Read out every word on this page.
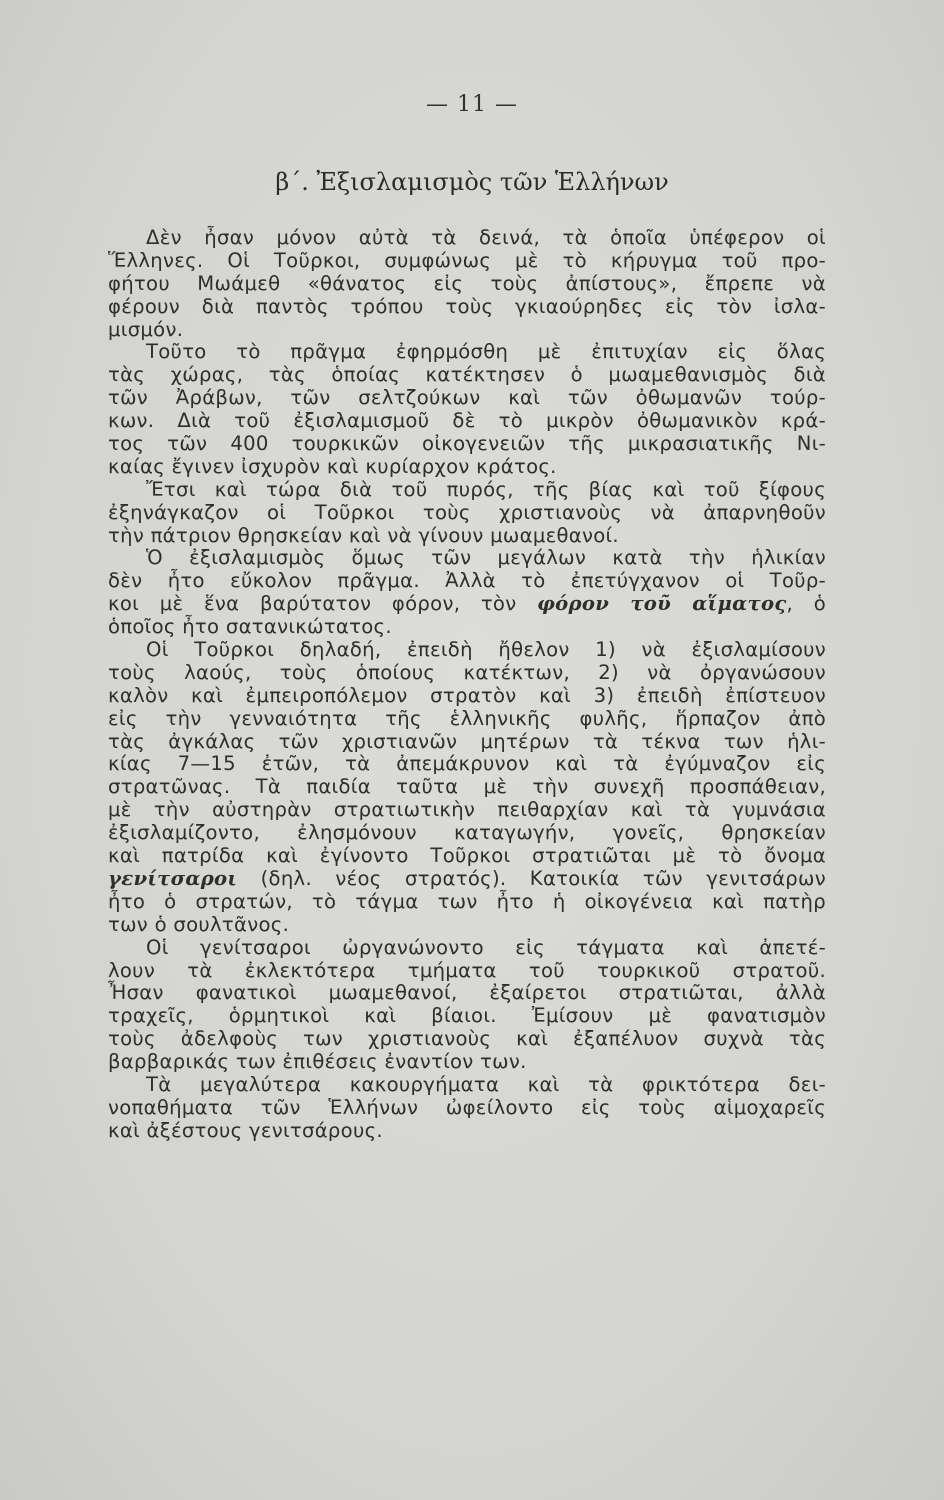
— 11 —
β΄. Ἐξισλαμισμὸς τῶν Ἑλλήνων
Δὲν ἦσαν μόνον αὐτὰ τὰ δεινά, τὰ ὁποῖα ὑπέφερον οἱ
Ἕλληνες. Οἱ Τοῦρκοι, συμφώνως μὲ τὸ κήρυγμα τοῦ προ-
φήτου Μωάμεθ «θάνατος εἰς τοὺς ἀπίστους», ἔπρεπε νὰ
φέρουν διὰ παντὸς τρόπου τοὺς γκιαούρηδες εἰς τὸν ἰσλα-
μισμόν.
Τοῦτο τὸ πρᾶγμα ἐφηρμόσθη μὲ ἐπιτυχίαν εἰς ὅλας
τὰς χώρας, τὰς ὁποίας κατέκτησεν ὁ μωαμεθανισμὸς διὰ
τῶν Ἀράβων, τῶν σελτζούκων καὶ τῶν ὀθωμανῶν τούρ-
κων. Διὰ τοῦ ἐξισλαμισμοῦ δὲ τὸ μικρὸν ὀθωμανικὸν κρά-
τος τῶν 400 τουρκικῶν οἰκογενειῶν τῆς μικρασιατικῆς Νι-
καίας ἔγινεν ἰσχυρὸν καὶ κυρίαρχον κράτος.
Ἔτσι καὶ τώρα διὰ τοῦ πυρός, τῆς βίας καὶ τοῦ ξίφους
ἐξηνάγκαζον οἱ Τοῦρκοι τοὺς χριστιανοὺς νὰ ἀπαρνηθοῦν
τὴν πάτριον θρησκείαν καὶ νὰ γίνουν μωαμεθανοί.
Ὁ ἐξισλαμισμὸς ὅμως τῶν μεγάλων κατὰ τὴν ἡλικίαν
δὲν ἦτο εὔκολον πρᾶγμα. Ἀλλὰ τὸ ἐπετύγχανον οἱ Τοῦρ-
κοι μὲ ἕνα βαρύτατον φόρον, τὸν φόρον τοῦ αἵματος, ὁ
ὁποῖος ἦτο σατανικώτατος.
Οἱ Τοῦρκοι δηλαδή, ἐπειδὴ ἤθελον 1) νὰ ἐξισλαμίσουν
τοὺς λαούς, τοὺς ὁποίους κατέκτων, 2) νὰ ὀργανώσουν
καλὸν καὶ ἐμπειροπόλεμον στρατὸν καὶ 3) ἐπειδὴ ἐπίστευον
εἰς τὴν γενναιότητα τῆς ἑλληνικῆς φυλῆς, ἥρπαζον ἀπὸ
τὰς ἀγκάλας τῶν χριστιανῶν μητέρων τὰ τέκνα των ἡλι-
κίας 7—15 ἐτῶν, τὰ ἀπεμάκρυνον καὶ τὰ ἐγύμναζον εἰς
στρατῶνας. Τὰ παιδία ταῦτα μὲ τὴν συνεχῆ προσπάθειαν,
μὲ τὴν αὐστηρὰν στρατιωτικὴν πειθαρχίαν καὶ τὰ γυμνάσια
ἐξισλαμίζοντο, ἐλησμόνουν καταγωγήν, γονεῖς, θρησκείαν
καὶ πατρίδα καὶ ἐγίνοντο Τοῦρκοι στρατιῶται μὲ τὸ ὄνομα
γενίτσαροι (δηλ. νέος στρατός). Κατοικία τῶν γενιτσάρων
ἦτο ὁ στρατών, τὸ τάγμα των ἦτο ἡ οἰκογένεια καὶ πατὴρ
των ὁ σουλτᾶνος.
Οἱ γενίτσαροι ὠργανώνοντο εἰς τάγματα καὶ ἀπετέ-
λουν τὰ ἐκλεκτότερα τμήματα τοῦ τουρκικοῦ στρατοῦ.
Ἦσαν φανατικοὶ μωαμεθανοί, ἐξαίρετοι στρατιῶται, ἀλλὰ
τραχεῖς, ὁρμητικοὶ καὶ βίαιοι. Ἐμίσουν μὲ φανατισμὸν
τοὺς ἀδελφοὺς των χριστιανοὺς καὶ ἐξαπέλυον συχνὰ τὰς
βαρβαρικάς των ἐπιθέσεις ἐναντίον των.
Τὰ μεγαλύτερα κακουργήματα καὶ τὰ φρικτότερα δει-
νοπαθήματα τῶν Ἑλλήνων ὠφείλοντο εἰς τοὺς αἱμοχαρεῖς
καὶ ἀξέστους γενιτσάρους.
